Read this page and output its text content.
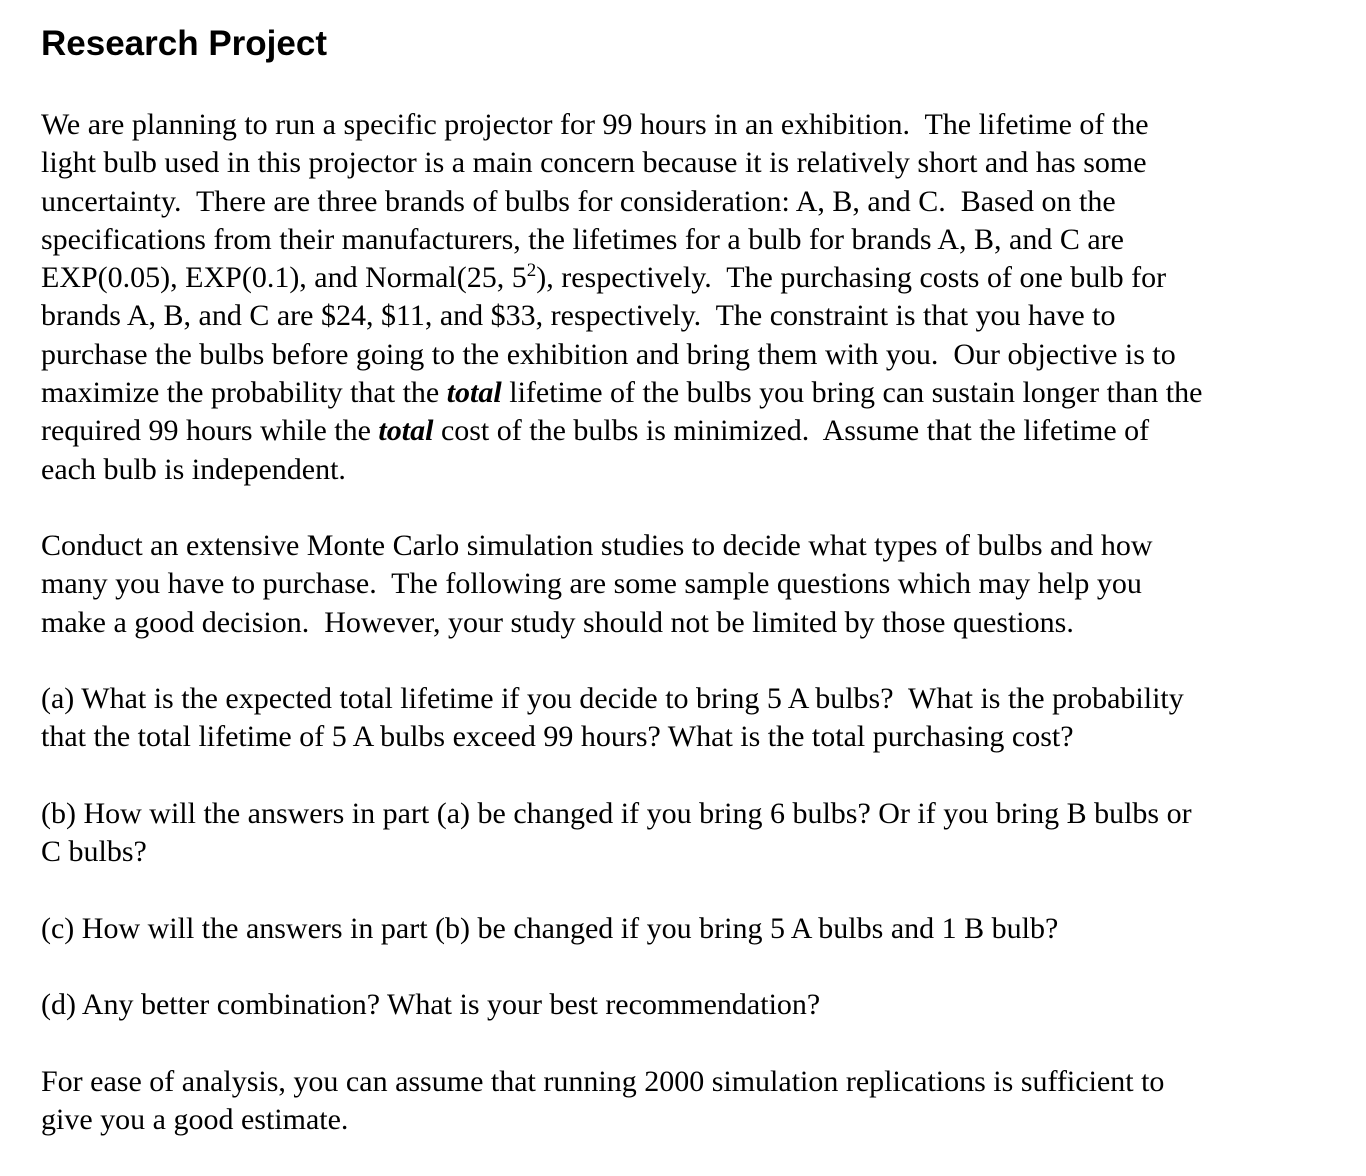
Research Project
We are planning to run a specific projector for 99 hours in an exhibition.  The lifetime of the
light bulb used in this projector is a main concern because it is relatively short and has some
uncertainty.  There are three brands of bulbs for consideration: A, B, and C.  Based on the
specifications from their manufacturers, the lifetimes for a bulb for brands A, B, and C are
EXP(0.05), EXP(0.1), and Normal(25, $5^2$), respectively.  The purchasing costs of one bulb for
brands A, B, and C are $24, $11, and $33, respectively.  The constraint is that you have to
purchase the bulbs before going to the exhibition and bring them with you.  Our objective is to
maximize the probability that the total lifetime of the bulbs you bring can sustain longer than the
required 99 hours while the total cost of the bulbs is minimized.  Assume that the lifetime of
each bulb is independent.
Conduct an extensive Monte Carlo simulation studies to decide what types of bulbs and how
many you have to purchase.  The following are some sample questions which may help you
make a good decision.  However, your study should not be limited by those questions.
(a) What is the expected total lifetime if you decide to bring 5 A bulbs?  What is the probability
that the total lifetime of 5 A bulbs exceed 99 hours? What is the total purchasing cost?
(b) How will the answers in part (a) be changed if you bring 6 bulbs? Or if you bring B bulbs or
C bulbs?
(c) How will the answers in part (b) be changed if you bring 5 A bulbs and 1 B bulb?
(d) Any better combination? What is your best recommendation?
For ease of analysis, you can assume that running 2000 simulation replications is sufficient to
give you a good estimate.
